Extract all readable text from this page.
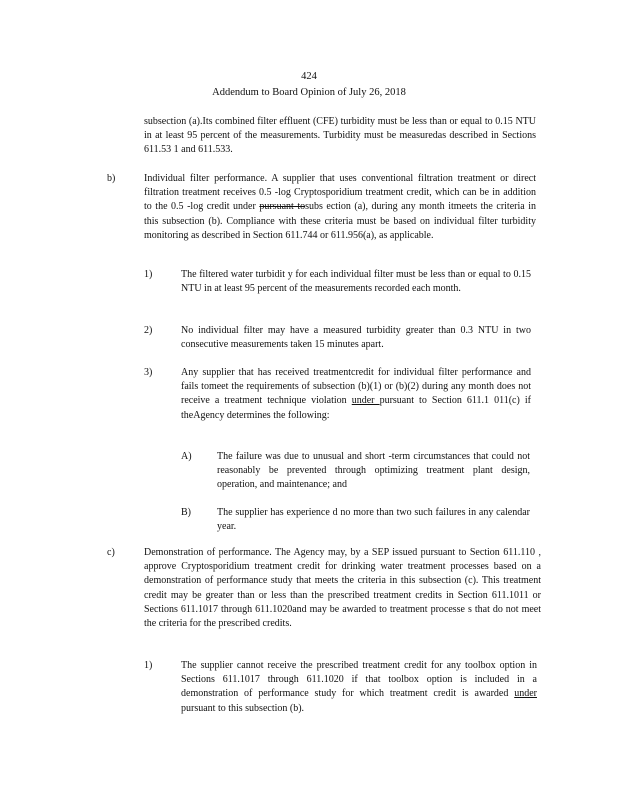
424
Addendum to Board Opinion of July 26, 2018
subsection (a).Its combined filter effluent (CFE) turbidity must be less than or equal to 0.15 NTU in at least 95 percent of the measurements. Turbidity must be measuredas described in Sections 611.53 1 and 611.533.
b)	Individual filter performance. A supplier that uses conventional filtration treatment or direct filtration treatment receives 0.5 -log Cryptosporidium treatment credit, which can be in addition to the 0.5 -log credit under pursuant tosubs ection (a), during any month itmeets the criteria in this subsection (b). Compliance with these criteria must be based on individual filter turbidity monitoring as described in Section 611.744 or 611.956(a), as applicable.
1)	The filtered water turbidit y for each individual filter must be less than or equal to 0.15 NTU in at least 95 percent of the measurements recorded each month.
2)	No individual filter may have a measured turbidity greater than 0.3 NTU in two consecutive measurements taken 15 minutes apart.
3)	Any supplier that has received treatmentcredit for individual filter performance and fails tomeet the requirements of subsection (b)(1) or (b)(2) during any month does not receive a treatment technique violation under pursuant to Section 611.1 011(c) if theAgency determines the following:
A)	The failure was due to unusual and short -term circumstances that could not reasonably be prevented through optimizing treatment plant design, operation, and maintenance; and
B)	The supplier has experience d no more than two such failures in any calendar year.
c)	Demonstration of performance. The Agency may, by a SEP issued pursuant to Section 611.110 , approve Cryptosporidium treatment credit for drinking water treatment processes based on a demonstration of performance study that meets the criteria in this subsection (c). This treatment credit may be greater than or less than the prescribed treatment credits in Section 611.1011 or Sections 611.1017 through 611.1020and may be awarded to treatment processe s that do not meet the criteria for the prescribed credits.
1)	The supplier cannot receive the prescribed treatment credit for any toolbox option in Sections 611.1017 through 611.1020 if that toolbox option is included in a demonstration of performance study for which treatment credit is awarded under pursuant to this subsection (b).
